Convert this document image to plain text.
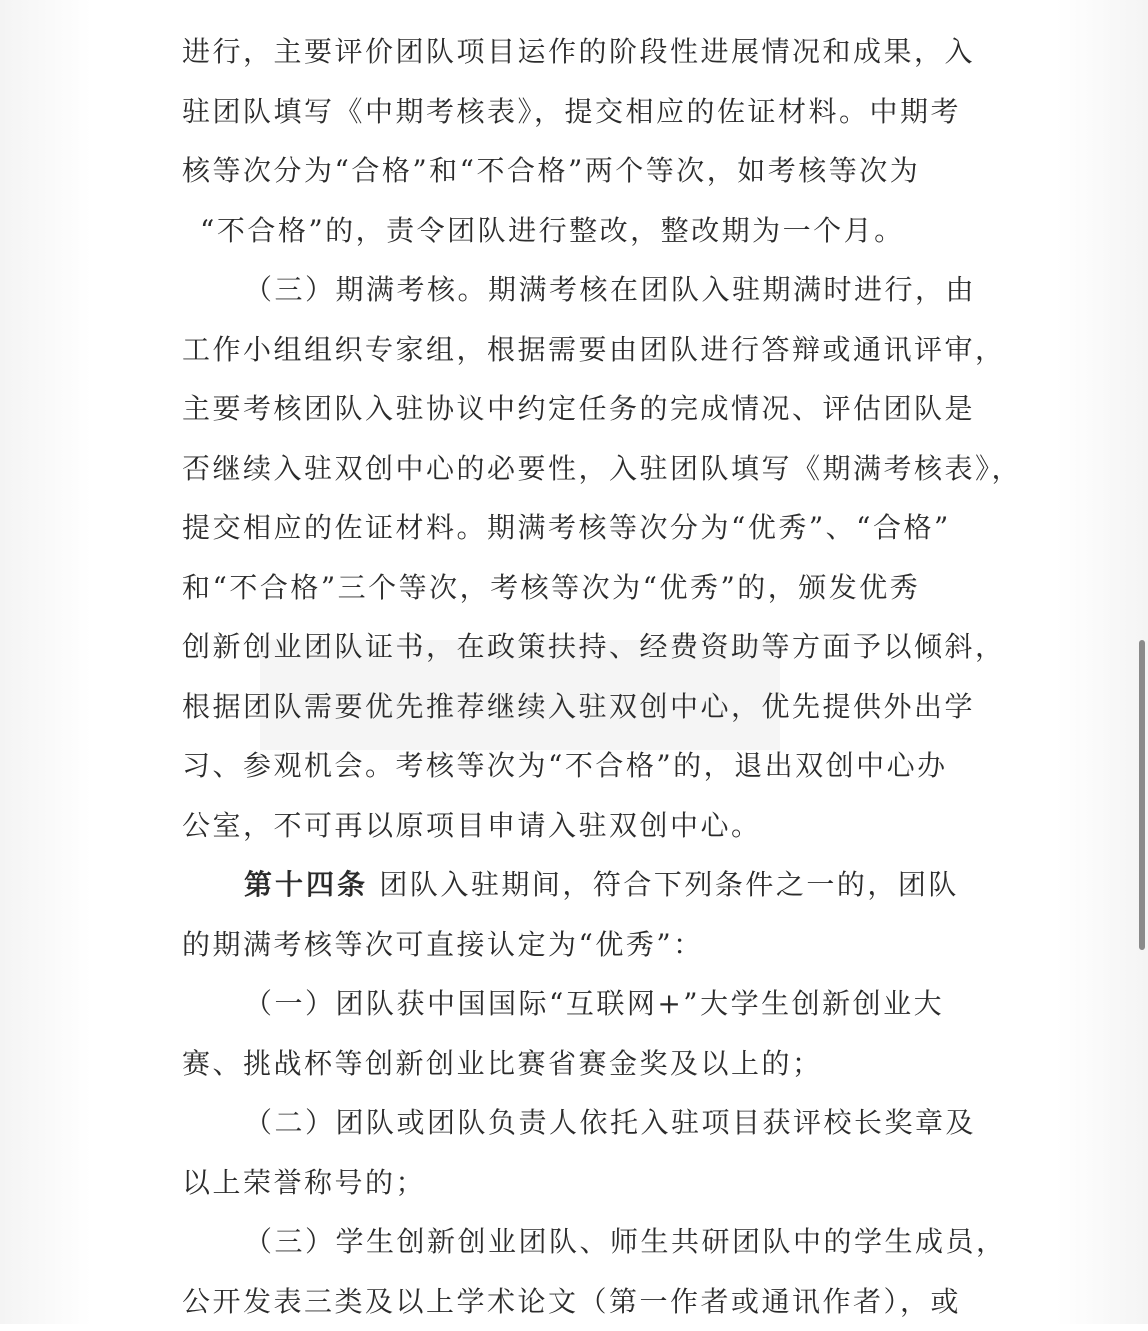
进行，主要评价团队项目运作的阶段性进展情况和成果，入
驻团队填写《中期考核表》，提交相应的佐证材料。中期考
核等次分为“合格”和“不合格”两个等次，如考核等次为
“不合格”的，责令团队进行整改，整改期为一个月。
（三）期满考核。期满考核在团队入驻期满时进行，由
工作小组组织专家组，根据需要由团队进行答辩或通讯评审，
主要考核团队入驻协议中约定任务的完成情况、评估团队是
否继续入驻双创中心的必要性，入驻团队填写《期满考核表》，
提交相应的佐证材料。期满考核等次分为“优秀”、“合格”
和“不合格”三个等次，考核等次为“优秀”的，颁发优秀
创新创业团队证书，在政策扶持、经费资助等方面予以倾斜，
根据团队需要优先推荐继续入驻双创中心，优先提供外出学
习、参观机会。考核等次为“不合格”的，退出双创中心办
公室，不可再以原项目申请入驻双创中心。
第十四条 团队入驻期间，符合下列条件之一的，团队
的期满考核等次可直接认定为“优秀”：
（一）团队获中国国际“互联网+”大学生创新创业大
赛、挑战杯等创新创业比赛省赛金奖及以上的；
（二）团队或团队负责人依托入驻项目获评校长奖章及
以上荣誉称号的；
（三）学生创新创业团队、师生共研团队中的学生成员，
公开发表三类及以上学术论文（第一作者或通讯作者），或
